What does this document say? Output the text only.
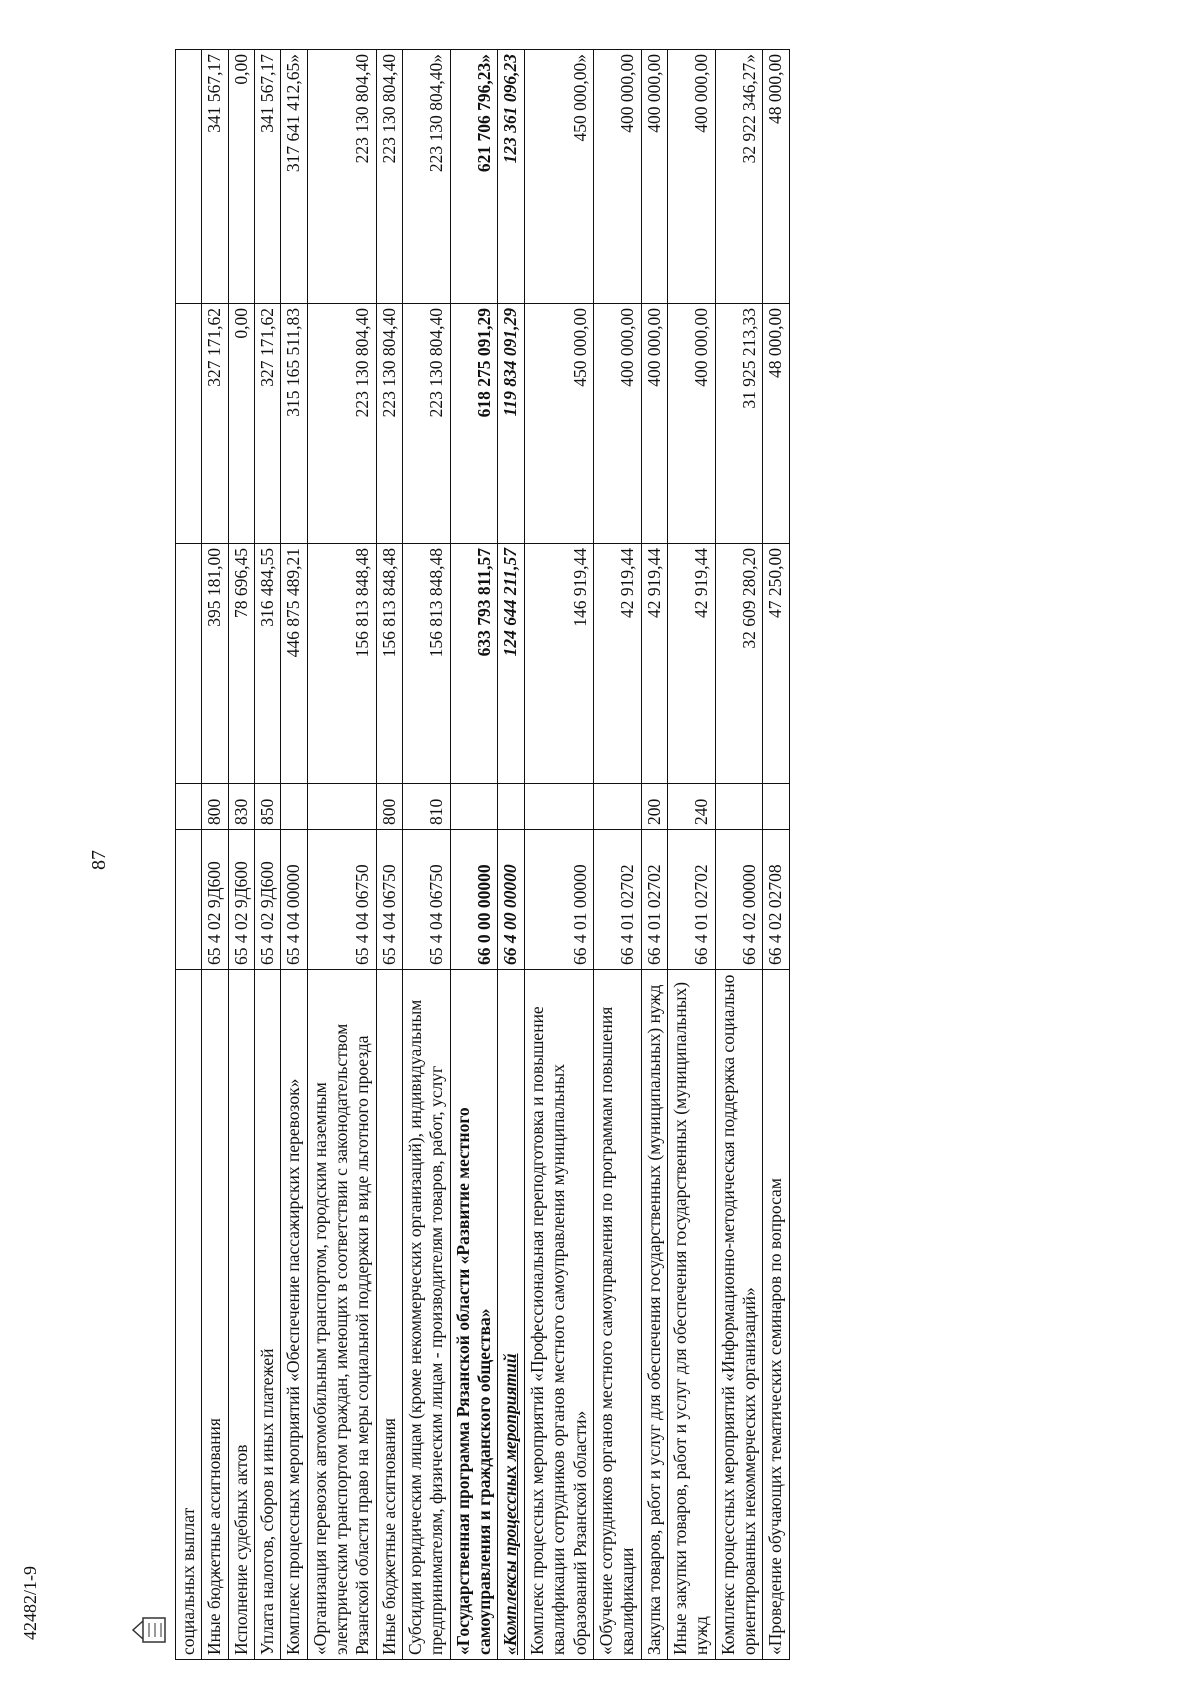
87
42482/1-9	социальных выплат					
Иные бюджетные ассигнования	65 4 02 9Д600	800	395 181,00	327 171,62	341 567,17
Исполнение судебных актов	65 4 02 9Д600	830	78 696,45	0,00	0,00
Уплата налогов, сборов и иных платежей	65 4 02 9Д600	850	316 484,55	327 171,62	341 567,17
Комплекс процессных мероприятий «Обеспечение пассажирских перевозок»	65 4 04 00000		446 875 489,21	315 165 511,83	317 641 412,65»
«Организация перевозок автомобильным транспортом, городским наземным электрическим транспортом граждан, имеющих в соответствии с законодательством Рязанской области право на меры социальной поддержки в виде льготного проезда	65 4 04 06750		156 813 848,48	223 130 804,40	223 130 804,40
Иные бюджетные ассигнования	65 4 04 06750	800	156 813 848,48	223 130 804,40	223 130 804,40
Субсидии юридическим лицам (кроме некоммерческих организаций), индивидуальным предпринимателям, физическим лицам - производителям товаров, работ, услуг	65 4 04 06750	810	156 813 848,48	223 130 804,40	223 130 804,40»
«Государственная программа Рязанской области «Развитие местного самоуправления и гражданского общества»	66 0 00 00000		633 793 811,57	618 275 091,29	621 706 796,23»
«Комплексы процессных мероприятий	66 4 00 00000		124 644 211,57	119 834 091,29	123 361 096,23
Комплекс процессных мероприятий «Профессиональная переподготовка и повышение квалификации сотрудников органов местного самоуправления муниципальных образований Рязанской области»	66 4 01 00000		146 919,44	450 000,00	450 000,00»
«Обучение сотрудников органов местного самоуправления по программам повышения квалификации	66 4 01 02702		42 919,44	400 000,00	400 000,00
Закупка товаров, работ и услуг для обеспечения государственных (муниципальных) нужд	66 4 01 02702	200	42 919,44	400 000,00	400 000,00
Иные закупки товаров, работ и услуг для обеспечения государственных (муниципальных) нужд	66 4 01 02702	240	42 919,44	400 000,00	400 000,00
Комплекс процессных мероприятий «Информационно-методическая поддержка социально ориентированных некоммерческих организаций»	66 4 02 00000		32 609 280,20	31 925 213,33	32 922 346,27»
«Проведение обучающих тематических семинаров по вопросам	66 4 02 02708		47 250,00	48 000,00	48 000,00
